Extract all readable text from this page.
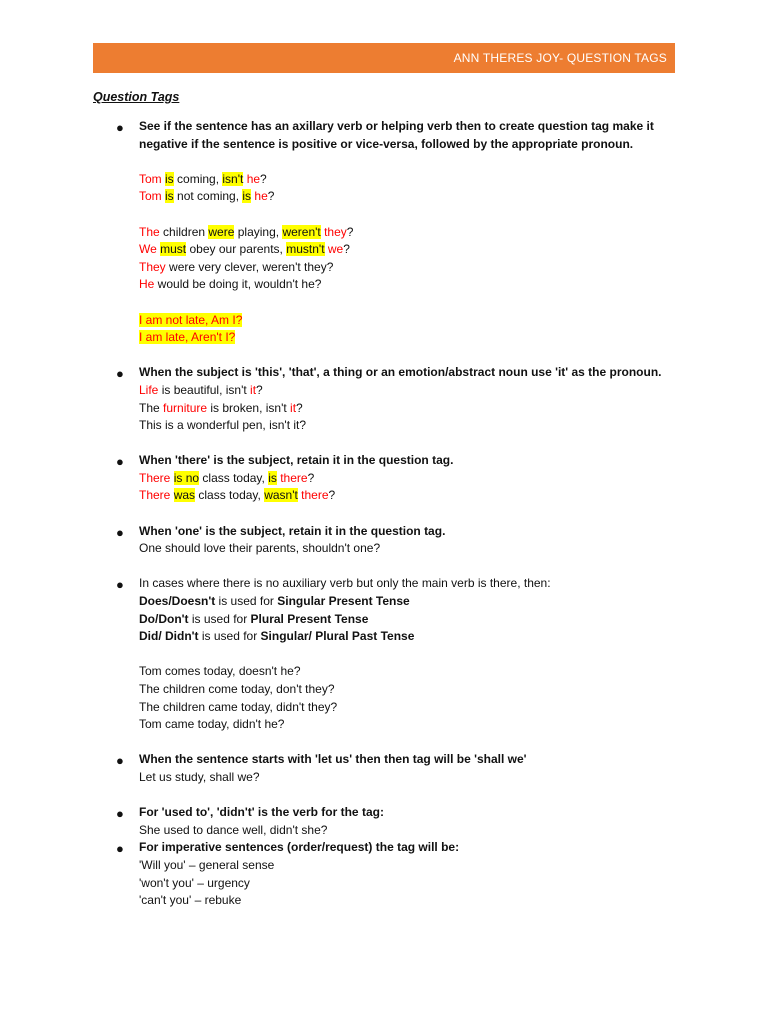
ANN THERES JOY- QUESTION TAGS
Question Tags
● See if the sentence has an axillary verb or helping verb then to create question tag make it negative if the sentence is positive or vice-versa, followed by the appropriate pronoun.
Tom is coming, isn't he?
Tom is not coming, is he?
The children were playing, weren't they?
We must obey our parents, mustn't we?
They were very clever, weren't they?
He would be doing it, wouldn't he?
I am not late, Am I?
I am late, Aren't I?
● When the subject is 'this', 'that', a thing or an emotion/abstract noun use 'it' as the pronoun.
Life is beautiful, isn't it?
The furniture is broken, isn't it?
This is a wonderful pen, isn't it?
● When 'there' is the subject, retain it in the question tag.
There is no class today, is there?
There was class today, wasn't there?
● When 'one' is the subject, retain it in the question tag.
One should love their parents, shouldn't one?
● In cases where there is no auxiliary verb but only the main verb is there, then:
Does/Doesn't is used for Singular Present Tense
Do/Don't is used for Plural Present Tense
Did/ Didn't is used for Singular/ Plural Past Tense
Tom comes today, doesn't he?
The children come today, don't they?
The children came today, didn't they?
Tom came today, didn't he?
● When the sentence starts with 'let us' then then tag will be 'shall we'
Let us study, shall we?
● For 'used to', 'didn't' is the verb for the tag:
She used to dance well, didn't she?
● For imperative sentences (order/request) the tag will be:
'Will you' – general sense
'won't you' – urgency
'can't you' – rebuke
